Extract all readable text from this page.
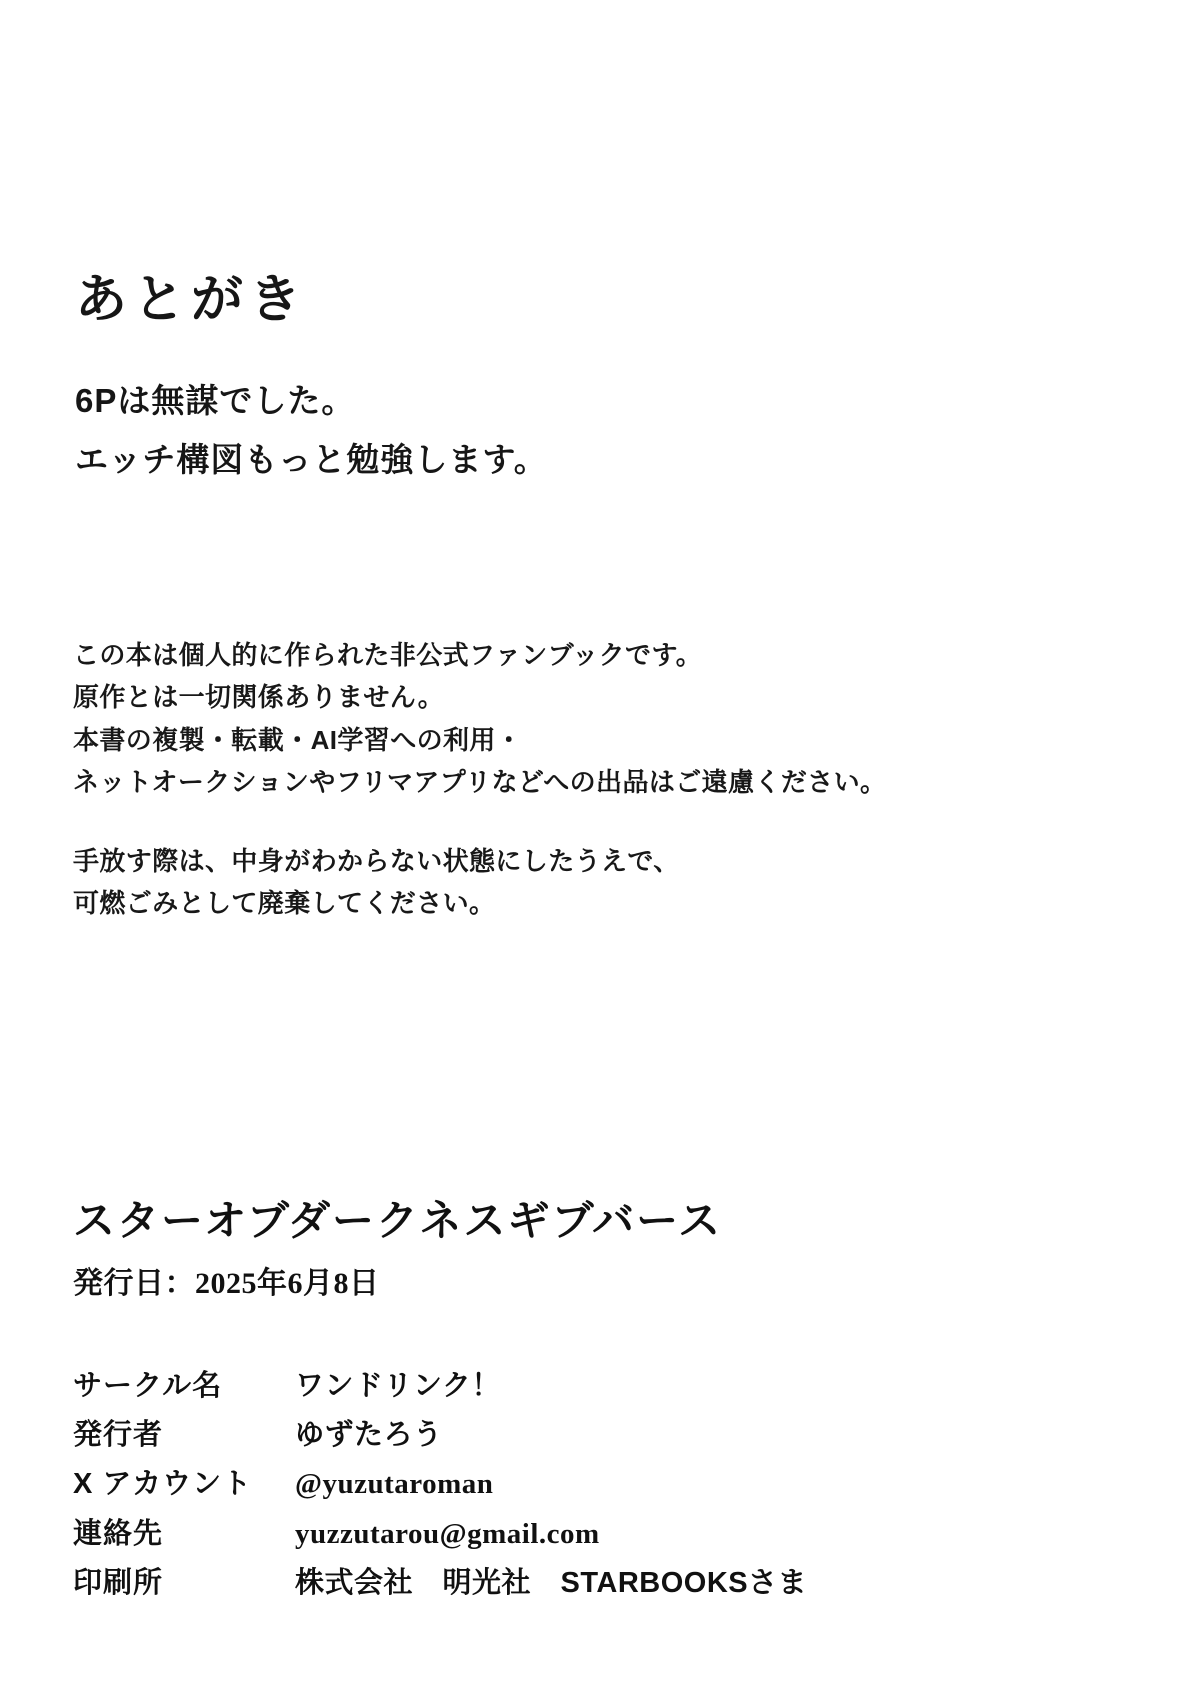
あとがき
6Pは無謀でした。
エッチ構図もっと勉強します。

この本は個人的に作られた非公式ファンブックです。
原作とは一切関係ありません。
本書の複製・転載・AI学習への利用・
ネットオークションやフリマアプリなどへの出品はご遠慮ください。

手放す際は、中身がわからない状態にしたうえで、
可燃ごみとして廃棄してください。

スターオブダークネスギブバース
発行日：2025年6月8日
サークル名	ワンドリンク！
発行者	ゆずたろう
X アカウント	@yuzutaroman
連絡先	yuzzutarou@gmail.com
印刷所	株式会社　明光社　STARBOOKSさま
